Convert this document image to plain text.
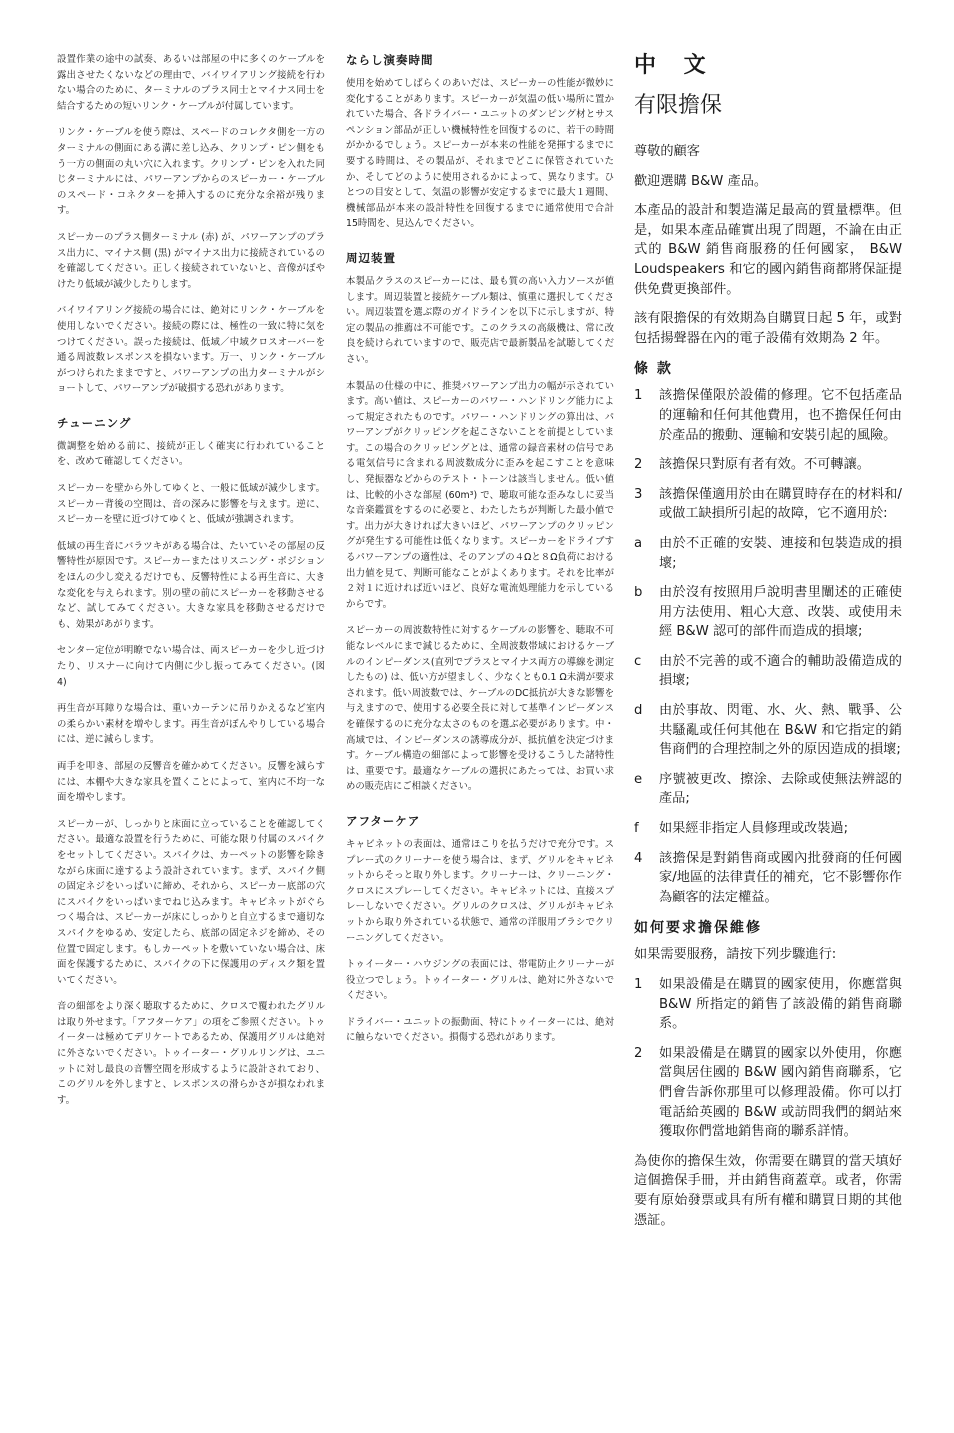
設置作業の途中の試奏、あるいは部屋の中に多くのケーブルを露出させたくないなどの理由で、バイワイアリング接続を行わない場合のために、ターミナルのプラス同士とマイナス同士を結合するための短いリンク・ケーブルが付属しています。

リンク・ケーブルを使う際は、スペードのコレクタ側を一方のターミナルの側面にある溝に差し込み、クリンプ・ピン側をもう一方の側面の丸い穴に入れます。クリンプ・ピンを入れた同じターミナルには、パワーアンプからのスピーカー・ケーブルのスペード・コネクターを挿入するのに充分な余裕が残ります。

スピーカーのプラス側ターミナル (赤) が、パワーアンプのプラス出力に、マイナス側 (黒) がマイナス出力に接続されているのを確認してください。正しく接続されていないと、音像がぼやけたり低域が減少したりします。

バイワイアリング接続の場合には、絶対にリンク・ケーブルを使用しないでください。接続の際には、極性の一致に特に気をつけてください。誤った接続は、低域／中域クロスオーバーを通る周波数レスポンスを損ないます。万一、リンク・ケーブルがつけられたままですと、パワーアンプの出力ターミナルがショートして、パワーアンプが破損する恐れがあります。

チューニング

微調整を始める前に、接続が正しく確実に行われていることを、改めて確認してください。

スピーカーを壁から外してゆくと、一般に低域が減少します。スピーカー背後の空間は、音の深みに影響を与えます。逆に、スピーカーを壁に近づけてゆくと、低域が強調されます。

低域の再生音にバラツキがある場合は、たいていその部屋の反響特性が原因です。スピーカーまたはリスニング・ポジションをほんの少し変えるだけでも、反響特性による再生音に、大きな変化を与えられます。別の壁の前にスピーカーを移動させるなど、試してみてください。大きな家具を移動させるだけでも、効果があがります。

センター定位が明瞭でない場合は、両スピーカーを少し近づけたり、リスナーに向けて内側に少し振ってみてください。(図 4)

再生音が耳障りな場合は、重いカーテンに吊りかえるなど室内の柔らかい素材を増やします。再生音がぼんやりしている場合には、逆に減らします。

両手を叩き、部屋の反響音を確かめてください。反響を減らすには、本棚や大きな家具を置くことによって、室内に不均一な面を増やします。

スピーカーが、しっかりと床面に立っていることを確認してください。最適な設置を行うために、可能な限り付属のスパイクをセットしてください。スパイクは、カーペットの影響を除きながら床面に達するよう設計されています。まず、スパイク側の固定ネジをいっぱいに締め、それから、スピーカー底部の穴にスパイクをいっぱいまでねじ込みます。キャビネットがぐらつく場合は、スピーカーが床にしっかりと自立するまで適切なスパイクをゆるめ、安定したら、底部の固定ネジを締め、その位置で固定します。もしカーペットを敷いていない場合は、床面を保護するために、スパイクの下に保護用のディスク類を置いてください。

音の細部をより深く聴取するために、クロスで覆われたグリルは取り外せます。「アフターケア」の項をご参照ください。トゥイーターは極めてデリケートであるため、保護用グリルは絶対に外さないでください。トゥイーター・グリルリングは、ユニットに対し最良の音響空間を形成するように設計されており、このグリルを外しますと、レスポンスの滑らかさが損なわれます。

ならし演奏時間

使用を始めてしばらくのあいだは、スピーカーの性能が微妙に変化することがあります。スピーカーが気温の低い場所に置かれていた場合、各ドライバー・ユニットのダンピング材とサスペンション部品が正しい機械特性を回復するのに、若干の時間がかかるでしょう。スピーカーが本来の性能を発揮するまでに要する時間は、その製品が、それまでどこに保管されていたか、そしてどのように使用されるかによって、異なります。ひとつの目安として、気温の影響が安定するまでに最大１週間、機械部品が本来の設計特性を回復するまでに通常使用で合計 15時間を、見込んでください。

周辺装置

本製品クラスのスピーカーには、最も質の高い入力ソースが値します。周辺装置と接続ケーブル類は、慎重に選択してください。周辺装置を選ぶ際のガイドラインを以下に示しますが、特定の製品の推薦は不可能です。このクラスの高級機は、常に改良を続けられていますので、販売店で最新製品を試聴してください。

本製品の仕様の中に、推奨パワーアンプ出力の幅が示されています。高い値は、スピーカーのパワー・ハンドリング能力によって規定されたものです。パワー・ハンドリングの算出は、パワーアンプがクリッピングを起こさないことを前提としています。この場合のクリッピングとは、通常の録音素材の信号である電気信号に含まれる周波数成分に歪みを起こすことを意味し、発振器などからのテスト・トーンは該当しません。低い値は、比較的小さな部屋 (60m³) で、聴取可能な歪みなしに妥当な音楽鑑賞をするのに必要と、わたしたちが判断した最小値です。出力が大きければ大きいほど、パワーアンプのクリッピングが発生する可能性は低くなります。スピーカーをドライブするパワーアンプの適性は、そのアンプの４Ωと８Ω負荷における出力値を見て、判断可能なことがよくあります。それを比率が２対１に近ければ近いほど、良好な電流処理能力を示しているからです。

スピーカーの周波数特性に対するケーブルの影響を、聴取不可能なレベルにまで減じるために、全周波数帯域におけるケーブルのインピーダンス(直列でプラスとマイナス両方の導線を測定したもの) は、低い方が望ましく、少なくとも0.1 Ω未満が要求されます。低い周波数では、ケーブルのDC抵抗が大きな影響を与えますので、使用する必要全長に対して基準インピーダンスを確保するのに充分な太さのものを選ぶ必要があります。中・高域では、インピーダンスの誘導成分が、抵抗値を決定づけます。ケーブル構造の細部によって影響を受けるこうした諸特性は、重要です。最適なケーブルの選択にあたっては、お買い求めの販売店にご相談ください。

アフターケア

キャビネットの表面は、通常ほこりを払うだけで充分です。スプレー式のクリーナーを使う場合は、まず、グリルをキャビネットからそっと取り外します。クリーナーは、クリーニング・クロスにスプレーしてください。キャビネットには、直接スプレーしないでください。グリルのクロスは、グリルがキャビネットから取り外されている状態で、通常の洋服用ブラシでクリーニングしてください。

トゥイーター・ハウジングの表面には、帯電防止クリーナーが役立つでしょう。トゥイーター・グリルは、絶対に外さないでください。

ドライバー・ユニットの振動面、特にトゥイーターには、絶対に触らないでください。損傷する恐れがあります。

中 文
有限擔保

尊敬的顧客

歡迎選購 B&W 產品。

本產品的設計和製造滿足最高的質量標準。但是，如果本產品確實出現了問題，不論在由正式的 B&W 銷售商服務的任何國家， B&W Loudspeakers 和它的國內銷售商都將保証提供免費更換部件。

該有限擔保的有效期為自購買日起 5 年，或對包括揚聲器在內的電子設備有效期為 2 年。

條 款
1	該擔保僅限於設備的修理。它不包括產品的運輸和任何其他費用，也不擔保任何由於產品的搬動、運輸和安裝引起的風險。
2	該擔保只對原有者有效。不可轉讓。
3	該擔保僅適用於由在購買時存在的材料和/或做工缺損所引起的故障，它不適用於:
a	由於不正確的安裝、連接和包裝造成的損壞;
b	由於沒有按照用戶說明書里闡述的正確使用方法使用、粗心大意、改裝、或使用未經 B&W 認可的部件而造成的損壞;
c	由於不完善的或不適合的輔助設備造成的損壞;
d	由於事故、閃電、水、火、熱、戰爭、公共騷亂或任何其他在 B&W 和它指定的銷售商們的合理控制之外的原因造成的損壞;
e	序號被更改、擦涂、去除或使無法辨認的產品;
f	如果經非指定人員修理或改裝過;
4	該擔保是對銷售商或國內批發商的任何國家/地區的法律責任的補充，它不影響你作為顧客的法定權益。
如何要求擔保維修

如果需要服務，請按下列步驟進行:

1	如果設備是在購買的國家使用，你應當與 B&W 所指定的銷售了該設備的銷售商聯系。
2	如果設備是在購買的國家以外使用，你應當與居住國的 B&W 國內銷售商聯系，它們會告訴你那里可以修理設備。你可以打電話給英國的 B&W 或訪問我們的網站來獲取你們當地銷售商的聯系詳情。

為使你的擔保生效，你需要在購買的當天填好這個擔保手冊，并由銷售商蓋章。或者，你需要有原始發票或具有所有權和購買日期的其他憑証。
